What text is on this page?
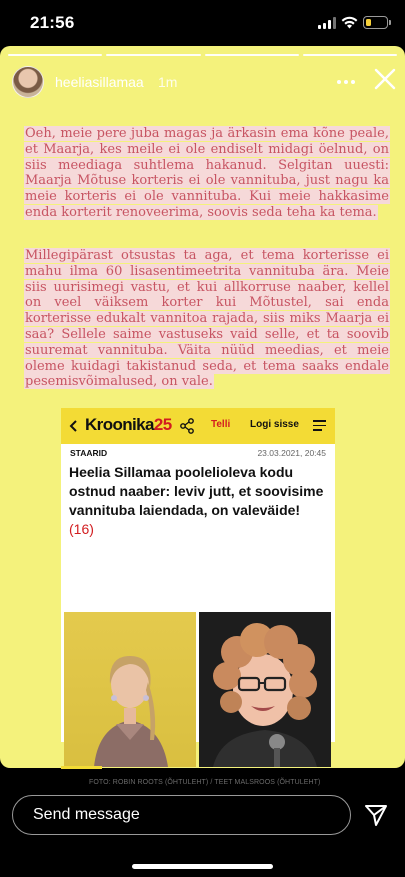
21:56
heeliasillamaa 1m

Oeh, meie pere juba magas ja ärkasin ema kõne peale, et Maarja, kes meile ei ole endiselt midagi öelnud, on siis meediaga suhtlema hakanud. Selgitan uuesti: Maarja Mõtuse korteris ei ole vannituba, just nagu ka meie korteris ei ole vannituba. Kui meie hakkasime enda korterit renoveerima, soovis seda teha ka tema.

Millegipärast otsustas ta aga, et tema korterisse ei mahu ilma 60 lisasentimeetrita vannituba ära. Meie siis uurisimegi vastu, et kui allkorruse naaber, kellel on veel väiksem korter kui Mõtustel, sai enda korterisse edukalt vannitoa rajada, siis miks Maarja ei saa? Sellele saime vastuseks vaid selle, et ta soovib suuremat vannituba. Väita nüüd meedias, et meie oleme kuidagi takistanud seda, et tema saaks endale pesemisvõimalused, on vale.

Kroonika25	Telli Logi sisse
STAARID	23.03.2021, 20:45
Heelia Sillamaa poolelioleva kodu ostnud naaber: leviv jutt, et soovisime vannituba laiendada, on valeväide! (16)
FOTO: ROBIN ROOTS (ÕHTULEHT) / TEET MALSROOS (ÕHTULEHT)
Send message
